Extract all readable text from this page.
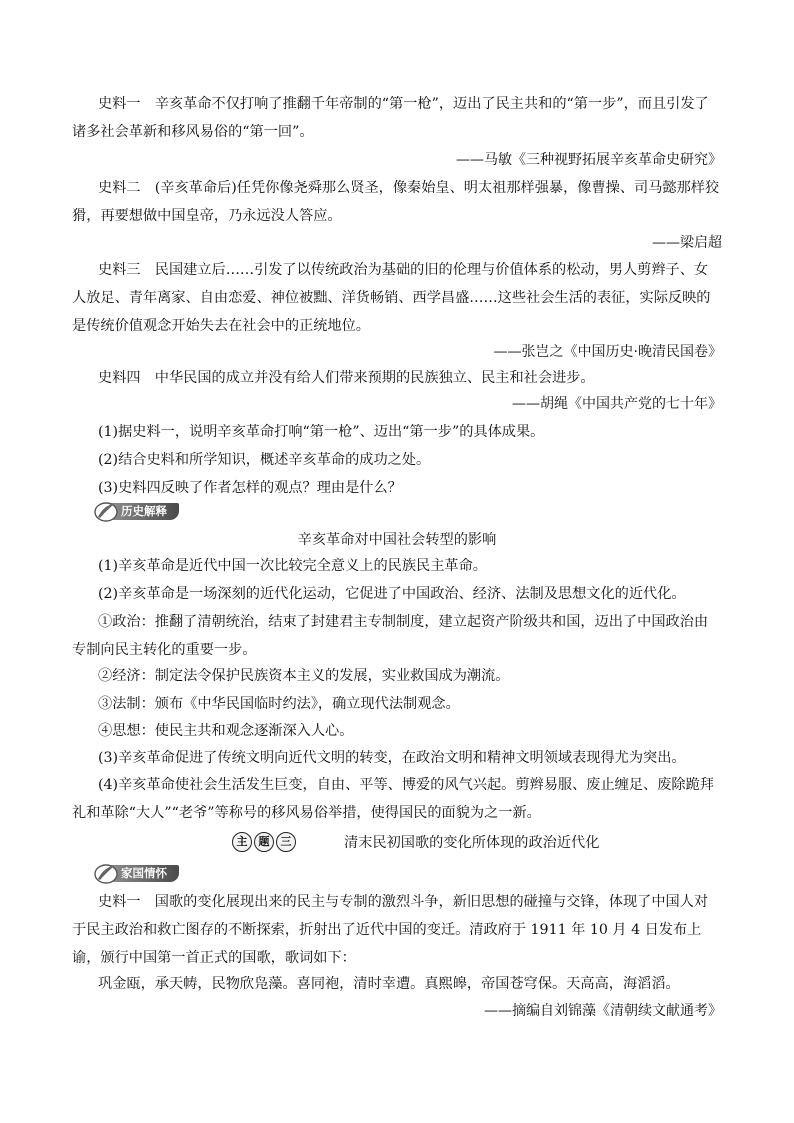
史料一　辛亥革命不仅打响了推翻千年帝制的“第一枪”，迈出了民主共和的“第一步”，而且引发了诸多社会革新和移风易俗的“第一回”。
——马敏《三种视野拓展辛亥革命史研究》
史料二　(辛亥革命后)任凭你像尧舜那么贤圣，像秦始皇、明太祖那样强暴，像曹操、司马懿那样狡猾，再要想做中国皇帝，乃永远没人答应。
——梁启超
史料三　民国建立后……引发了以传统政治为基础的旧的伦理与价值体系的松动，男人剪辫子、女人放足、青年离家、自由恋爱、神位被黜、洋货畅销、西学昌盛……这些社会生活的表征，实际反映的是传统价值观念开始失去在社会中的正统地位。
——张岂之《中国历史·晚清民国卷》
史料四　中华民国的成立并没有给人们带来预期的民族独立、民主和社会进步。
——胡绳《中国共产党的七十年》
(1)据史料一，说明辛亥革命打响“第一枪”、迈出“第一步”的具体成果。
(2)结合史料和所学知识，概述辛亥革命的成功之处。
(3)史料四反映了作者怎样的观点？理由是什么？
历史解释
辛亥革命对中国社会转型的影响
(1)辛亥革命是近代中国一次比较完全意义上的民族民主革命。
(2)辛亥革命是一场深刻的近代化运动，它促进了中国政治、经济、法制及思想文化的近代化。
①政治：推翻了清朝统治，结束了封建君主专制制度，建立起资产阶级共和国，迈出了中国政治由专制向民主转化的重要一步。
②经济：制定法令保护民族资本主义的发展，实业救国成为潮流。
③法制：颁布《中华民国临时约法》，确立现代法制观念。
④思想：使民主共和观念逐渐深入人心。
(3)辛亥革命促进了传统文明向近代文明的转变，在政治文明和精神文明领域表现得尤为突出。
(4)辛亥革命使社会生活发生巨变，自由、平等、博爱的风气兴起。剪辫易服、废止缠足、废除跪拜礼和革除“大人”“老爷”等称号的移风易俗举措，使得国民的面貌为之一新。
主	题	三	清末民初国歌的变化所体现的政治近代化
家国情怀
史料一　国歌的变化展现出来的民主与专制的激烈斗争，新旧思想的碰撞与交锋，体现了中国人对于民主政治和救亡图存的不断探索，折射出了近代中国的变迁。清政府于 1911 年 10 月 4 日发布上谕，颁行中国第一首正式的国歌，歌词如下：
巩金瓯，承天帱，民物欣凫藻。喜同袍，清时幸遭。真熙皞，帝国苍穹保。天高高，海滔滔。
——摘编自刘锦藻《清朝续文献通考》
